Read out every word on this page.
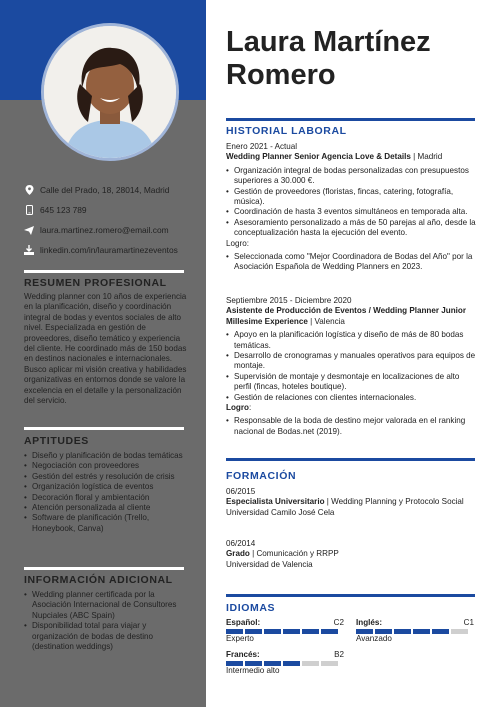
Calle del Prado, 18, 28014, Madrid
645 123 789
laura.martinez.romero@email.com
linkedin.com/in/lauramartinezeventos
RESUMEN PROFESIONAL
Wedding planner con 10 años de experiencia en la planificación, diseño y coordinación integral de bodas y eventos sociales de alto nivel. Especializada en gestión de proveedores, diseño temático y experiencia del cliente. He coordinado más de 150 bodas en destinos nacionales e internacionales. Busco aplicar mi visión creativa y habilidades organizativas en entornos donde se valore la excelencia en el detalle y la personalización del servicio.
APTITUDES
• Diseño y planificación de bodas temáticas
• Negociación con proveedores
• Gestión del estrés y resolución de crisis
• Organización logística de eventos
• Decoración floral y ambientación
• Atención personalizada al cliente
• Software de planificación (Trello, Honeybook, Canva)
INFORMACIÓN ADICIONAL
• Wedding planner certificada por la Asociación Internacional de Consultores Nupciales (ABC Spain)
• Disponibilidad total para viajar y organización de bodas de destino (destination weddings)
Laura Martínez
Romero
HISTORIAL LABORAL
Enero 2021 - Actual
Wedding Planner Senior Agencia Love & Details | Madrid
• Organización integral de bodas personalizadas con presupuestos superiores a 30.000 €.
• Gestión de proveedores (floristas, fincas, catering, fotografía, música).
• Coordinación de hasta 3 eventos simultáneos en temporada alta.
• Asesoramiento personalizado a más de 50 parejas al año, desde la conceptualización hasta la ejecución del evento.
Logro:
• Seleccionada como "Mejor Coordinadora de Bodas del Año" por la Asociación Española de Wedding Planners en 2023.
Septiembre 2015 - Diciembre 2020
Asistente de Producción de Eventos / Wedding Planner Junior Millesime Experience | Valencia
• Apoyo en la planificación logística y diseño de más de 80 bodas temáticas.
• Desarrollo de cronogramas y manuales operativos para equipos de montaje.
• Supervisión de montaje y desmontaje en localizaciones de alto perfil (fincas, hoteles boutique).
• Gestión de relaciones con clientes internacionales.
Logro:
• Responsable de la boda de destino mejor valorada en el ranking nacional de Bodas.net (2019).
FORMACIÓN
06/2015
Especialista Universitario | Wedding Planning y Protocolo Social
Universidad Camilo José Cela
06/2014
Grado | Comunicación y RRPP
Universidad de Valencia
IDIOMAS
Español:	C2
Experto
Inglés:	C1
Avanzado
Francés:	B2
Intermedio alto
